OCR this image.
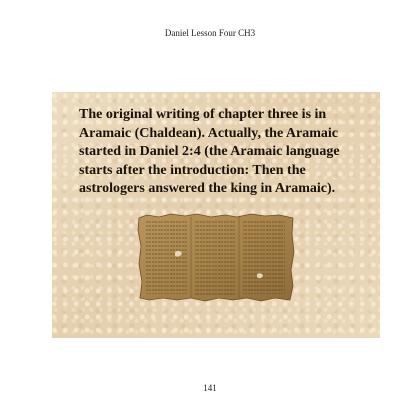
Daniel Lesson Four CH3
The original writing of chapter three is in
Aramaic (Chaldean). Actually, the Aramaic
started in Daniel 2:4 (the Aramaic language
starts after the introduction: Then the
astrologers answered the king in Aramaic).
141
